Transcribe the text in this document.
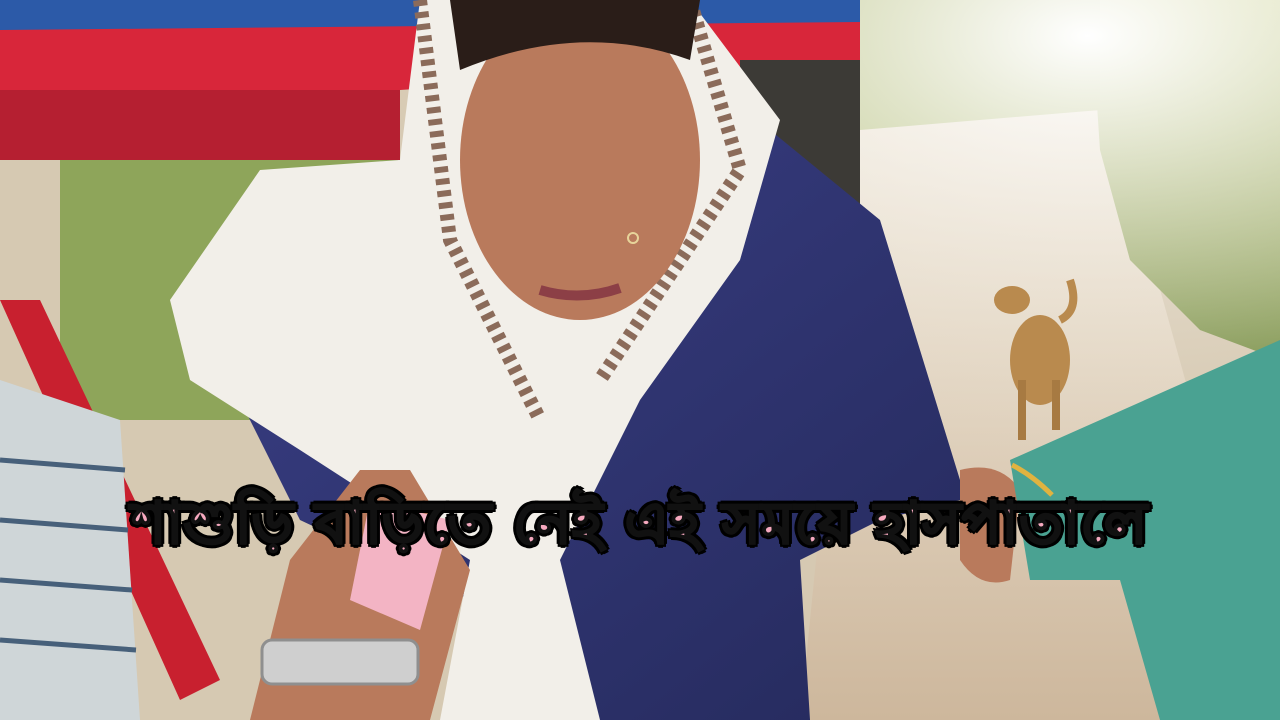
শাশুড়ি বাড়িতে নেই এই সময়ে হাসপাতালে
